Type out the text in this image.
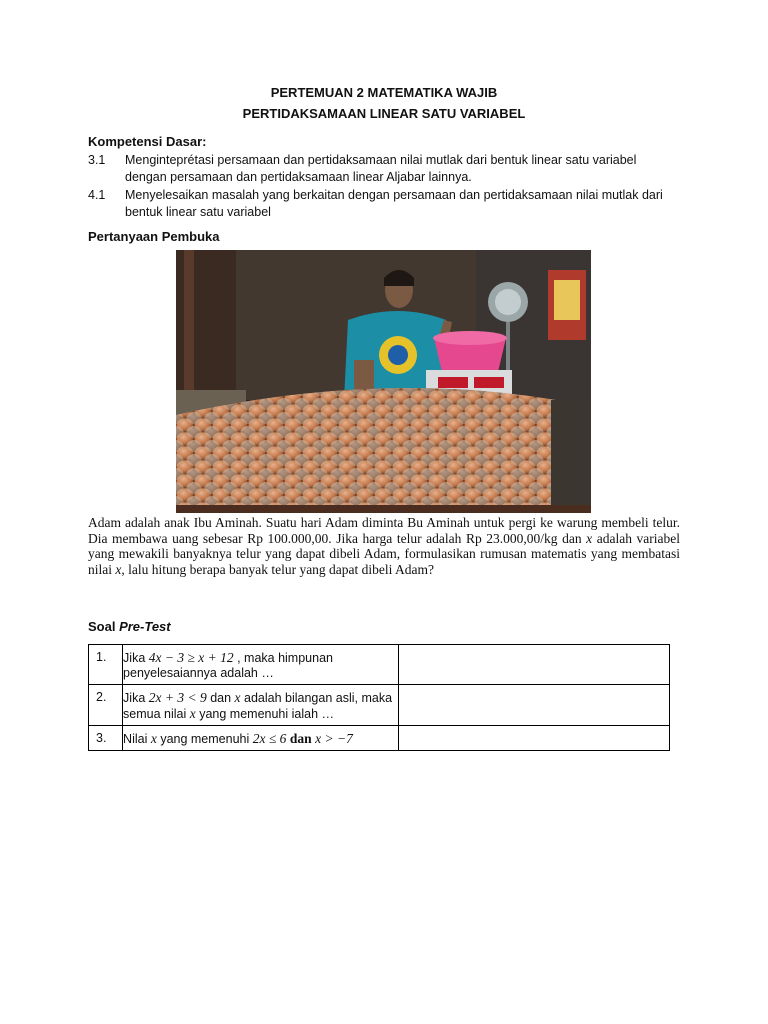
PERTEMUAN 2 MATEMATIKA WAJIB
PERTIDAKSAMAAN LINEAR SATU VARIABEL
Kompetensi Dasar:
3.1 Menginteprétasi persamaan dan pertidaksamaan nilai mutlak dari bentuk linear satu variabel dengan persamaan dan pertidaksamaan linear Aljabar lainnya.
4.1 Menyelesaikan masalah yang berkaitan dengan persamaan dan pertidaksamaan nilai mutlak dari bentuk linear satu variabel
Pertanyaan Pembuka

Adam adalah anak Ibu Aminah. Suatu hari Adam diminta Bu Aminah untuk pergi ke warung membeli telur. Dia membawa uang sebesar Rp 100.000,00. Jika harga telur adalah Rp 23.000,00/kg dan x adalah variabel yang mewakili banyaknya telur yang dapat dibeli Adam, formulasikan rumusan matematis yang membatasi nilai x, lalu hitung berapa banyak telur yang dapat dibeli Adam?

Soal Pre-Test
1.	Jika 4x − 3 ≥ x + 12 , maka himpunan penyelesaiannya adalah …	
2.	Jika 2x + 3 < 9 dan x adalah bilangan asli, maka semua nilai x yang memenuhi ialah …	
3.	Nilai x yang memenuhi 2x ≤ 6 dan x > −7	
